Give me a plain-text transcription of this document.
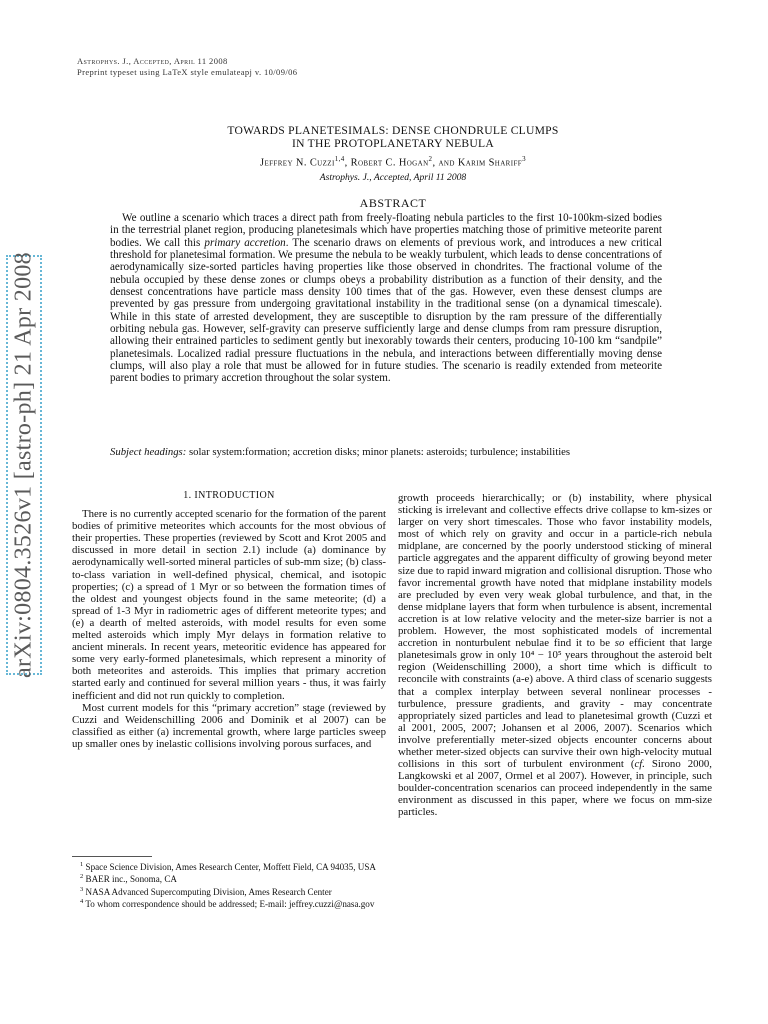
arXiv:0804.3526v1 [astro-ph] 21 Apr 2008
Astrophys. J., Accepted, April 11 2008
Preprint typeset using LaTeX style emulateapj v. 10/09/06
TOWARDS PLANETESIMALS: DENSE CHONDRULE CLUMPS
IN THE PROTOPLANETARY NEBULA
Jeffrey N. Cuzzi$^{1,4}$, Robert C. Hogan$^2$, and Karim Shariff$^3$
Astrophys. J., Accepted, April 11 2008
ABSTRACT

We outline a scenario which traces a direct path from freely-floating nebula particles to the first 10-100km-sized bodies in the terrestrial planet region, producing planetesimals which have properties matching those of primitive meteorite parent bodies. We call this primary accretion. The scenario draws on elements of previous work, and introduces a new critical threshold for planetesimal formation. We presume the nebula to be weakly turbulent, which leads to dense concentrations of aerodynamically size-sorted particles having properties like those observed in chondrites. The fractional volume of the nebula occupied by these dense zones or clumps obeys a probability distribution as a function of their density, and the densest concentrations have particle mass density 100 times that of the gas. However, even these densest clumps are prevented by gas pressure from undergoing gravitational instability in the traditional sense (on a dynamical timescale). While in this state of arrested development, they are susceptible to disruption by the ram pressure of the differentially orbiting nebula gas. However, self-gravity can preserve sufficiently large and dense clumps from ram pressure disruption, allowing their entrained particles to sediment gently but inexorably towards their centers, producing 10-100 km “sandpile” planetesimals. Localized radial pressure fluctuations in the nebula, and interactions between differentially moving dense clumps, will also play a role that must be allowed for in future studies. The scenario is readily extended from meteorite parent bodies to primary accretion throughout the solar system.

Subject headings: solar system:formation; accretion disks; minor planets: asteroids; turbulence; instabilities
1. INTRODUCTION

There is no currently accepted scenario for the formation of the parent bodies of primitive meteorites which accounts for the most obvious of their properties. These properties (reviewed by Scott and Krot 2005 and discussed in more detail in section 2.1) include (a) dominance by aerodynamically well-sorted mineral particles of sub-mm size; (b) class-to-class variation in well-defined physical, chemical, and isotopic properties; (c) a spread of 1 Myr or so between the formation times of the oldest and youngest objects found in the same meteorite; (d) a spread of 1-3 Myr in radiometric ages of different meteorite types; and (e) a dearth of melted asteroids, with model results for even some melted asteroids which imply Myr delays in formation relative to ancient minerals. In recent years, meteoritic evidence has appeared for some very early-formed planetesimals, which represent a minority of both meteorites and asteroids. This implies that primary accretion started early and continued for several million years - thus, it was fairly inefficient and did not run quickly to completion.

Most current models for this “primary accretion” stage (reviewed by Cuzzi and Weidenschilling 2006 and Dominik et al 2007) can be classified as either (a) incremental growth, where large particles sweep up smaller ones by inelastic collisions involving porous surfaces, and

growth proceeds hierarchically; or (b) instability, where physical sticking is irrelevant and collective effects drive collapse to km-sizes or larger on very short timescales. Those who favor instability models, most of which rely on gravity and occur in a particle-rich nebula midplane, are concerned by the poorly understood sticking of mineral particle aggregates and the apparent difficulty of growing beyond meter size due to rapid inward migration and collisional disruption. Those who favor incremental growth have noted that midplane instability models are precluded by even very weak global turbulence, and that, in the dense midplane layers that form when turbulence is absent, incremental accretion is at low relative velocity and the meter-size barrier is not a problem. However, the most sophisticated models of incremental accretion in nonturbulent nebulae find it to be so efficient that large planetesimals grow in only 10⁴ − 10⁵ years throughout the asteroid belt region (Weidenschilling 2000), a short time which is difficult to reconcile with constraints (a-e) above. A third class of scenario suggests that a complex interplay between several nonlinear processes - turbulence, pressure gradients, and gravity - may concentrate appropriately sized particles and lead to planetesimal growth (Cuzzi et al 2001, 2005, 2007; Johansen et al 2006, 2007). Scenarios which involve preferentially meter-sized objects encounter concerns about whether meter-sized objects can survive their own high-velocity mutual collisions in this sort of turbulent environment (cf. Sirono 2000, Langkowski et al 2007, Ormel et al 2007). However, in principle, such boulder-concentration scenarios can proceed independently in the same environment as discussed in this paper, where we focus on mm-size particles.

$^1$ Space Science Division, Ames Research Center, Moffett Field, CA 94035, USA

$^2$ BAER inc., Sonoma, CA

$^3$ NASA Advanced Supercomputing Division, Ames Research Center

$^4$ To whom correspondence should be addressed; E-mail: jeffrey.cuzzi@nasa.gov
